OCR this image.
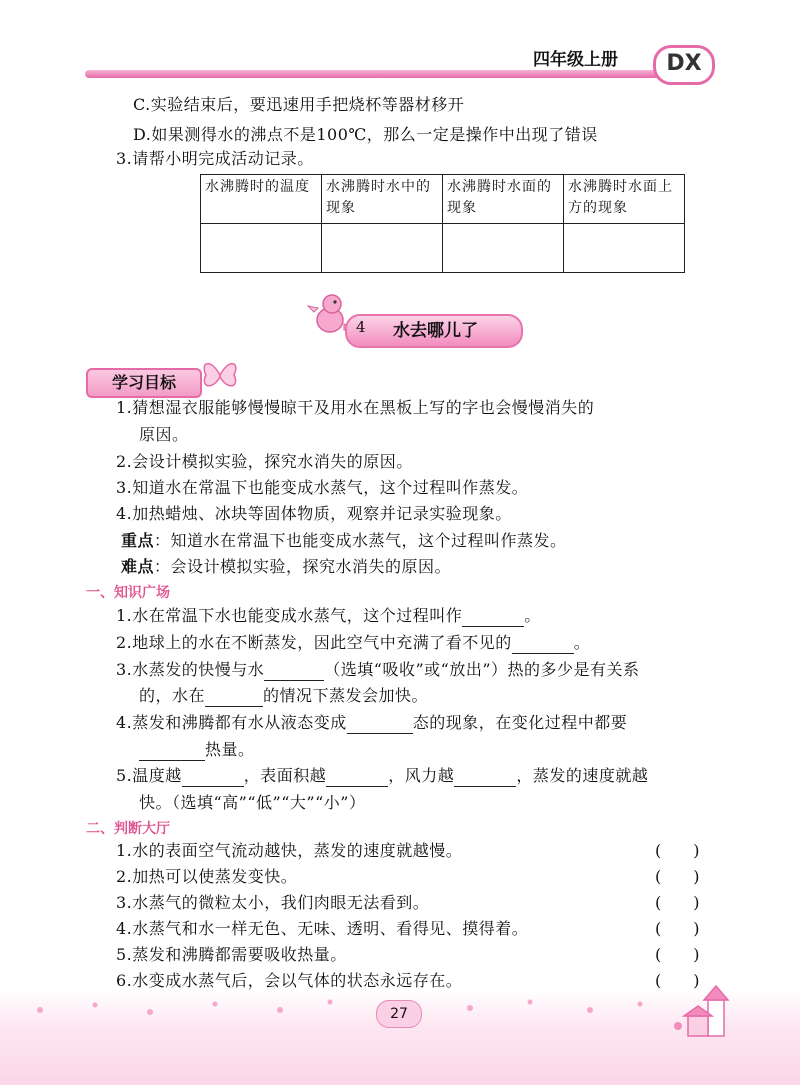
四年级上册	DX
C.实验结束后，要迅速用手把烧杯等器材移开
D.如果测得水的沸点不是100℃，那么一定是操作中出现了错误
3.请帮小明完成活动记录。
水沸腾时的温度	水沸腾时水中的现象	水沸腾时水面的现象	水沸腾时水面上方的现象

4 水去哪儿了
学习目标
1.猜想湿衣服能够慢慢晾干及用水在黑板上写的字也会慢慢消失的
原因。
2.会设计模拟实验，探究水消失的原因。
3.知道水在常温下也能变成水蒸气，这个过程叫作蒸发。
4.加热蜡烛、冰块等固体物质，观察并记录实验现象。
重点：知道水在常温下也能变成水蒸气，这个过程叫作蒸发。
难点：会设计模拟实验，探究水消失的原因。
一、知识广场
1.水在常温下水也能变成水蒸气，这个过程叫作	。
2.地球上的水在不断蒸发，因此空气中充满了看不见的	。
3.水蒸发的快慢与水	（选填“吸收”或“放出”）热的多少是有关系
的，水在	的情况下蒸发会加快。
4.蒸发和沸腾都有水从液态变成	态的现象，在变化过程中都要
热量。
5.温度越	，表面积越	，风力越	，蒸发的速度就越
快。（选填“高”“低”“大”“小”）
二、判断大厅
1.水的表面空气流动越快，蒸发的速度就越慢。	(　　)
2.加热可以使蒸发变快。	(　　)
3.水蒸气的微粒太小，我们肉眼无法看到。	(　　)
4.水蒸气和水一样无色、无味、透明、看得见、摸得着。	(　　)
5.蒸发和沸腾都需要吸收热量。	(　　)
6.水变成水蒸气后，会以气体的状态永远存在。	(　　)
27
